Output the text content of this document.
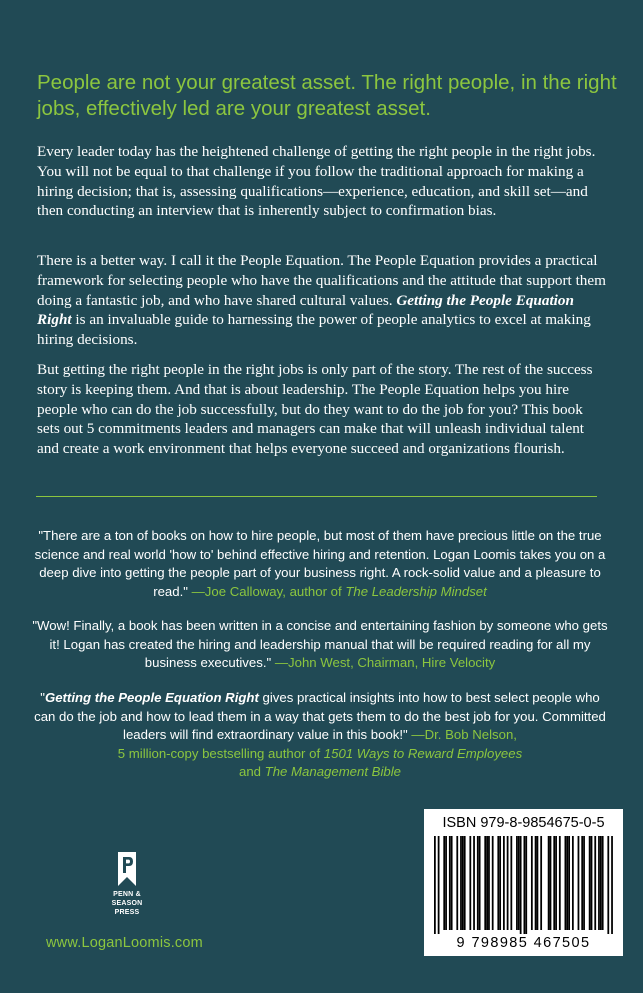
People are not your greatest asset. The right people, in the right jobs, effectively led are your greatest asset.

Every leader today has the heightened challenge of getting the right people in the right jobs. You will not be equal to that challenge if you follow the traditional approach for making a hiring decision; that is, assessing qualifications—experience, education, and skill set—and then conducting an interview that is inherently subject to confirmation bias.

There is a better way. I call it the People Equation. The People Equation provides a practical framework for selecting people who have the qualifications and the attitude that support them doing a fantastic job, and who have shared cultural values. Getting the People Equation Right is an invaluable guide to harnessing the power of people analytics to excel at making hiring decisions.

But getting the right people in the right jobs is only part of the story. The rest of the success story is keeping them. And that is about leadership. The People Equation helps you hire people who can do the job successfully, but do they want to do the job for you? This book sets out 5 commitments leaders and managers can make that will unleash individual talent and create a work environment that helps everyone succeed and organizations flourish.

"There are a ton of books on how to hire people, but most of them have precious little on the true science and real world 'how to' behind effective hiring and retention. Logan Loomis takes you on a deep dive into getting the people part of your business right. A rock-solid value and a pleasure to read." —Joe Calloway, author of The Leadership Mindset

"Wow! Finally, a book has been written in a concise and entertaining fashion by someone who gets it! Logan has created the hiring and leadership manual that will be required reading for all my business executives." —John West, Chairman, Hire Velocity

"Getting the People Equation Right gives practical insights into how to best select people who can do the job and how to lead them in a way that gets them to do the best job for you. Committed leaders will find extraordinary value in this book!" —Dr. Bob Nelson,
5 million-copy bestselling author of 1501 Ways to Reward Employees
and The Management Bible

PENN &
SEASON
PRESS
www.LoganLoomis.com
ISBN 979-8-9854675-0-5
9 798985 467505
